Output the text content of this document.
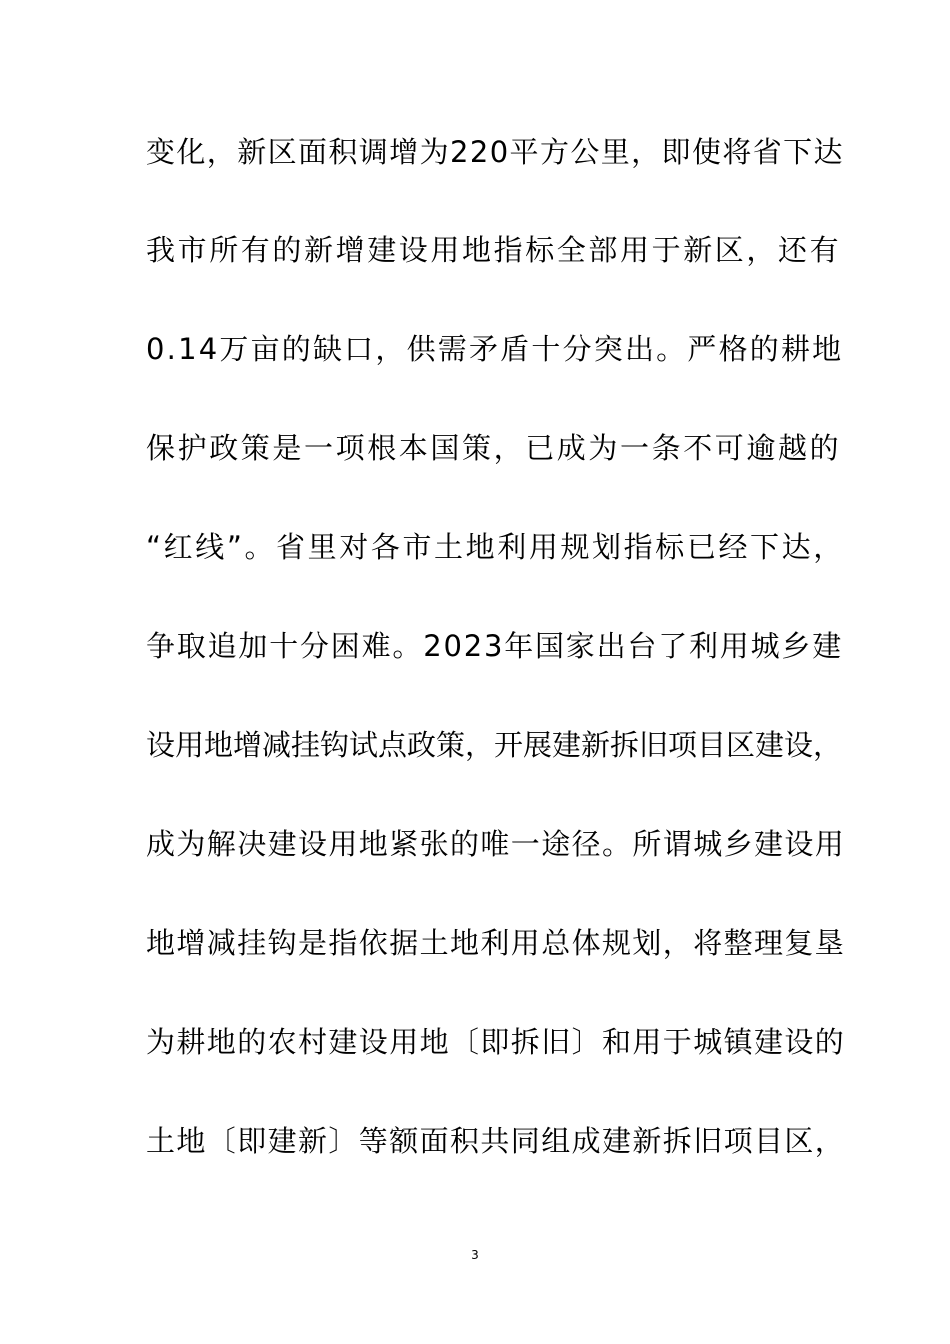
变化，新区面积调增为220平方公里，即使将省下达
我市所有的新增建设用地指标全部用于新区，还有
0.14万亩的缺口，供需矛盾十分突出。严格的耕地
保护政策是一项根本国策，已成为一条不可逾越的
“红线”。省里对各市土地利用规划指标已经下达，
争取追加十分困难。2023年国家出台了利用城乡建
设用地增减挂钩试点政策，开展建新拆旧项目区建设，
成为解决建设用地紧张的唯一途径。所谓城乡建设用
地增减挂钩是指依据土地利用总体规划，将整理复垦
为耕地的农村建设用地〔即拆旧〕和用于城镇建设的
土地〔即建新〕等额面积共同组成建新拆旧项目区，
3
